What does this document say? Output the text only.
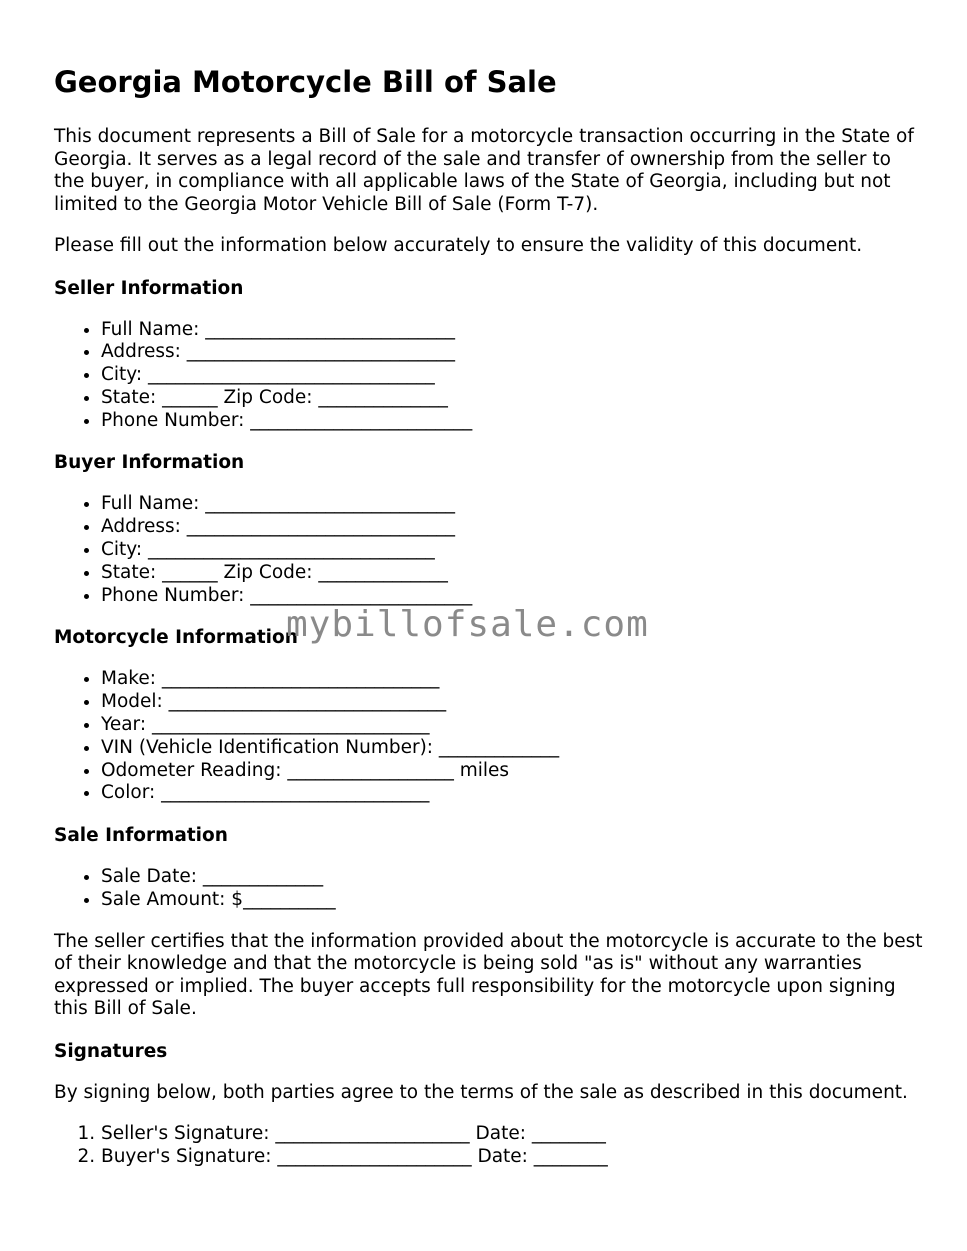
Georgia Motorcycle Bill of Sale

This document represents a Bill of Sale for a motorcycle transaction occurring in the State of Georgia. It serves as a legal record of the sale and transfer of ownership from the seller to the buyer, in compliance with all applicable laws of the State of Georgia, including but not limited to the Georgia Motor Vehicle Bill of Sale (Form T-7).

Please fill out the information below accurately to ensure the validity of this document.

Seller Information
• Full Name: ___________________________
• Address: _____________________________
• City: _______________________________
• State: ______ Zip Code: ______________
• Phone Number: ________________________
Buyer Information
• Full Name: ___________________________
• Address: _____________________________
• City: _______________________________
• State: ______ Zip Code: ______________
• Phone Number: ________________________
Motorcycle Information
• Make: ______________________________
• Model: ______________________________
• Year: ______________________________
• VIN (Vehicle Identification Number): _____________
• Odometer Reading: __________________ miles
• Color: _____________________________
Sale Information
• Sale Date: _____________
• Sale Amount: $__________

The seller certifies that the information provided about the motorcycle is accurate to the best of their knowledge and that the motorcycle is being sold "as is" without any warranties expressed or implied. The buyer accepts full responsibility for the motorcycle upon signing this Bill of Sale.

Signatures

By signing below, both parties agree to the terms of the sale as described in this document.

1. Seller's Signature: _____________________ Date: ________
2. Buyer's Signature: _____________________ Date: ________
mybillofsale.com
